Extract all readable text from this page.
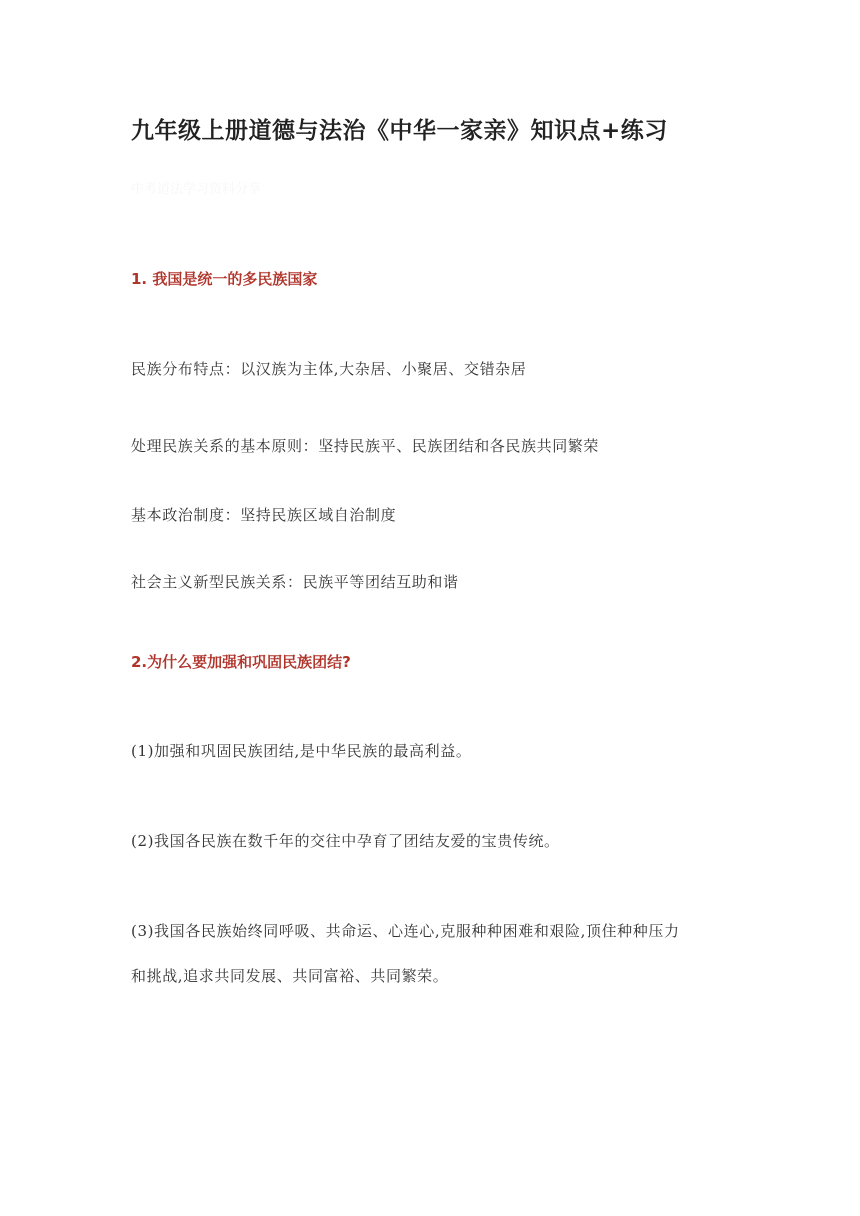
九年级上册道德与法治《中华一家亲》知识点+练习
中考道法学习资料分享
1. 我国是统一的多民族国家

民族分布特点：以汉族为主体,大杂居、小聚居、交错杂居

处理民族关系的基本原则：坚持民族平、民族团结和各民族共同繁荣

基本政治制度：坚持民族区域自治制度

社会主义新型民族关系：民族平等团结互助和谐

2.为什么要加强和巩固民族团结?

(1)加强和巩固民族团结,是中华民族的最高利益。

(2)我国各民族在数千年的交往中孕育了团结友爱的宝贵传统。

(3)我国各民族始终同呼吸、共命运、心连心,克服种种困难和艰险,顶住种种压力

和挑战,追求共同发展、共同富裕、共同繁荣。
